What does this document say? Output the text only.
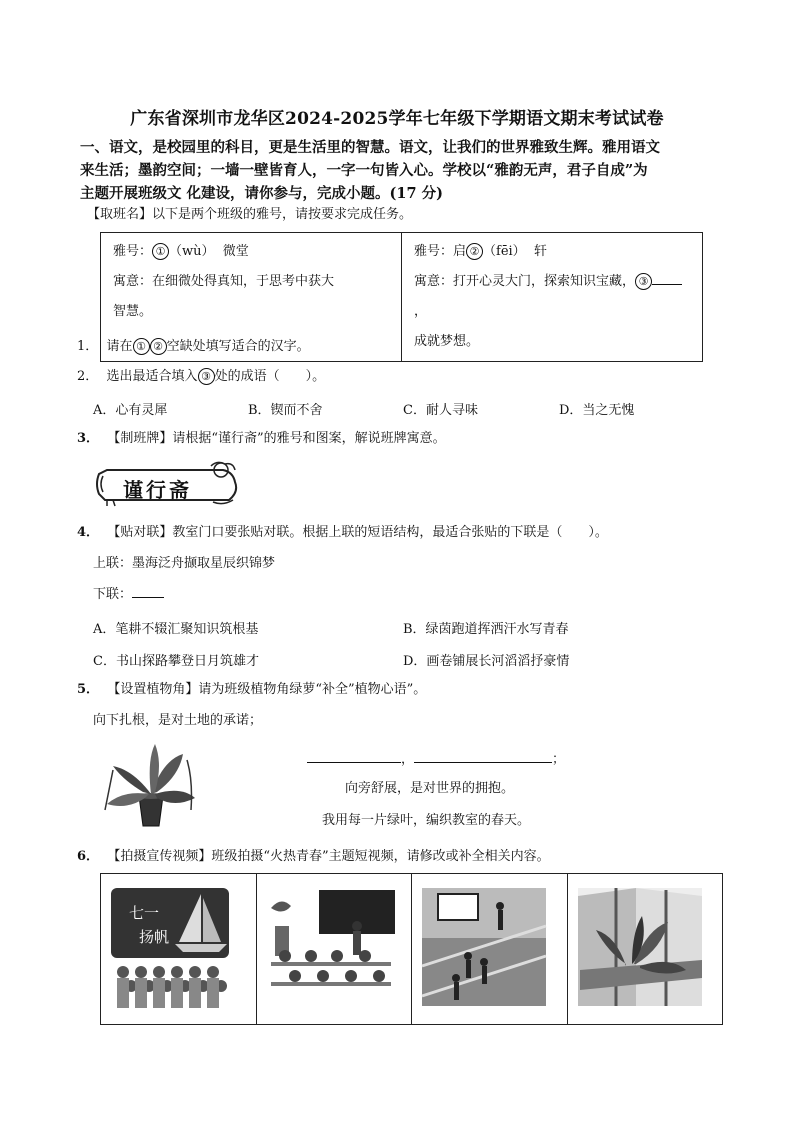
广东省深圳市龙华区2024-2025学年七年级下学期语文期末考试试卷
一、语文，是校园里的科目，更是生活里的智慧。语文，让我们的世界雅致生辉。雅用语文
来生活；墨韵空间；一墙一壁皆育人，一字一句皆入心。学校以“雅韵无声，君子自成”为
主题开展班级文 化建设，请你参与，完成小题。(17 分)
【取班名】以下是两个班级的雅号，请按要求完成任务。
雅号： ① （wù） 微堂
寓意：在细微处得真知，于思考中获大
智慧。

雅号：启 ② （fēi） 轩
寓意：打开心灵大门，探索知识宝藏， ③，
成就梦想。
1． 请在 ① ② 空缺处填写适合的汉字。
2． 选出最适合填入 ③ 处的成语（　　）。
A．心有灵犀	B．锲而不舍	C．耐人寻味	D．当之无愧
3． 【制班牌】请根据“谨行斋”的雅号和图案，解说班牌寓意。
谨行斋
4． 【贴对联】教室门口要张贴对联。根据上联的短语结构，最适合张贴的下联是（　　）。
上联：墨海泛舟撷取星辰织锦梦
下联：
A．笔耕不辍汇聚知识筑根基	B．绿茵跑道挥洒汗水写青春
C．书山探路攀登日月筑雄才	D．画卷铺展长河滔滔抒豪情
5． 【设置植物角】请为班级植物角绿萝“补全”植物心语”。
向下扎根，是对土地的承诺；
，	；
向旁舒展，是对世界的拥抱。
我用每一片绿叶，编织教室的春天。
6． 【拍摄宣传视频】班级拍摄“火热青春”主题短视频，请修改或补全相关内容。
七一
扬帆
